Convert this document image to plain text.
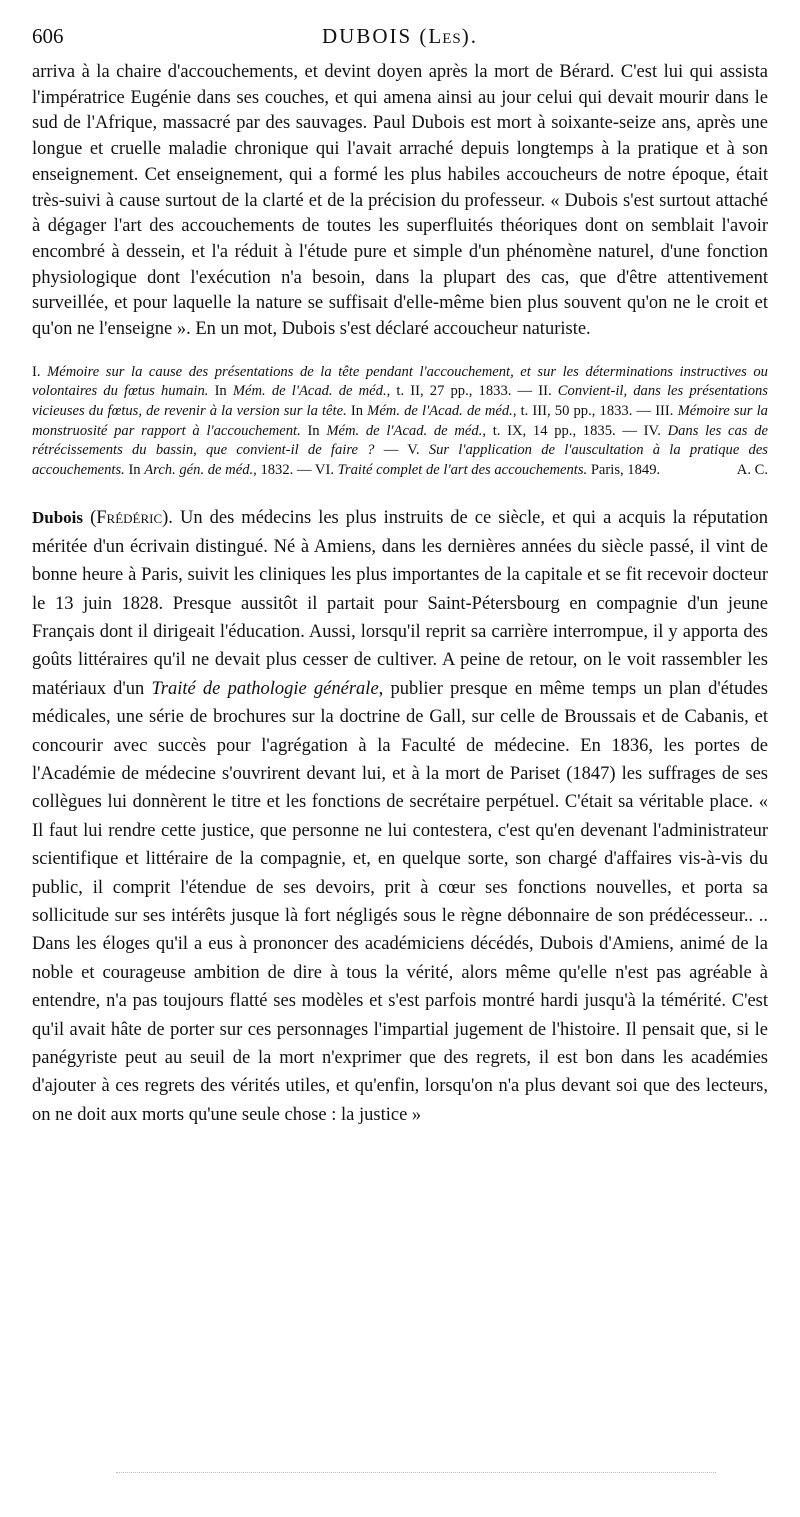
606	DUBOIS (Les).

arriva à la chaire d'accouchements, et devint doyen après la mort de Bérard. C'est lui qui assista l'impératrice Eugénie dans ses couches, et qui amena ainsi au jour celui qui devait mourir dans le sud de l'Afrique, massacré par des sauvages. Paul Dubois est mort à soixante-seize ans, après une longue et cruelle maladie chronique qui l'avait arraché depuis longtemps à la pratique et à son enseignement. Cet enseignement, qui a formé les plus habiles accoucheurs de notre époque, était très-suivi à cause surtout de la clarté et de la précision du professeur. « Dubois s'est surtout attaché à dégager l'art des accouchements de toutes les superfluités théoriques dont on semblait l'avoir encombré à dessein, et l'a réduit à l'étude pure et simple d'un phénomène naturel, d'une fonction physiologique dont l'exécution n'a besoin, dans la plupart des cas, que d'être attentivement surveillée, et pour laquelle la nature se suffisait d'elle-même bien plus souvent qu'on ne le croit et qu'on ne l'enseigne ». En un mot, Dubois s'est déclaré accoucheur naturiste.

I. Mémoire sur la cause des présentations de la tête pendant l'accouchement, et sur les déterminations instructives ou volontaires du fœtus humain. In Mém. de l'Acad. de méd., t. II, 27 pp., 1833. — II. Convient-il, dans les présentations vicieuses du fœtus, de revenir à la version sur la tête. In Mém. de l'Acad. de méd., t. III, 50 pp., 1833. — III. Mémoire sur la monstruosité par rapport à l'accouchement. In Mém. de l'Acad. de méd., t. IX, 14 pp., 1835. — IV. Dans les cas de rétrécissements du bassin, que convient-il de faire ? — V. Sur l'application de l'auscultation à la pratique des accouchements. In Arch. gén. de méd., 1832. — VI. Traité complet de l'art des accouchements. Paris, 1849.	A. C.

Dubois (Frédéric). Un des médecins les plus instruits de ce siècle, et qui a acquis la réputation méritée d'un écrivain distingué. Né à Amiens, dans les dernières années du siècle passé, il vint de bonne heure à Paris, suivit les cliniques les plus importantes de la capitale et se fit recevoir docteur le 13 juin 1828. Presque aussitôt il partait pour Saint-Pétersbourg en compagnie d'un jeune Français dont il dirigeait l'éducation. Aussi, lorsqu'il reprit sa carrière interrompue, il y apporta des goûts littéraires qu'il ne devait plus cesser de cultiver. A peine de retour, on le voit rassembler les matériaux d'un Traité de pathologie générale, publier presque en même temps un plan d'études médicales, une série de brochures sur la doctrine de Gall, sur celle de Broussais et de Cabanis, et concourir avec succès pour l'agrégation à la Faculté de médecine. En 1836, les portes de l'Académie de médecine s'ouvrirent devant lui, et à la mort de Pariset (1847) les suffrages de ses collègues lui donnèrent le titre et les fonctions de secrétaire perpétuel. C'était sa véritable place. « Il faut lui rendre cette justice, que personne ne lui contestera, c'est qu'en devenant l'administrateur scientifique et littéraire de la compagnie, et, en quelque sorte, son chargé d'affaires vis-à-vis du public, il comprit l'étendue de ses devoirs, prit à cœur ses fonctions nouvelles, et porta sa sollicitude sur ses intérêts jusque là fort négligés sous le règne débonnaire de son prédécesseur.. .. Dans les éloges qu'il a eus à prononcer des académiciens décédés, Dubois d'Amiens, animé de la noble et courageuse ambition de dire à tous la vérité, alors même qu'elle n'est pas agréable à entendre, n'a pas toujours flatté ses modèles et s'est parfois montré hardi jusqu'à la témérité. C'est qu'il avait hâte de porter sur ces personnages l'impartial jugement de l'histoire. Il pensait que, si le panégyriste peut au seuil de la mort n'exprimer que des regrets, il est bon dans les académies d'ajouter à ces regrets des vérités utiles, et qu'enfin, lorsqu'on n'a plus devant soi que des lecteurs, on ne doit aux morts qu'une seule chose : la justice »
